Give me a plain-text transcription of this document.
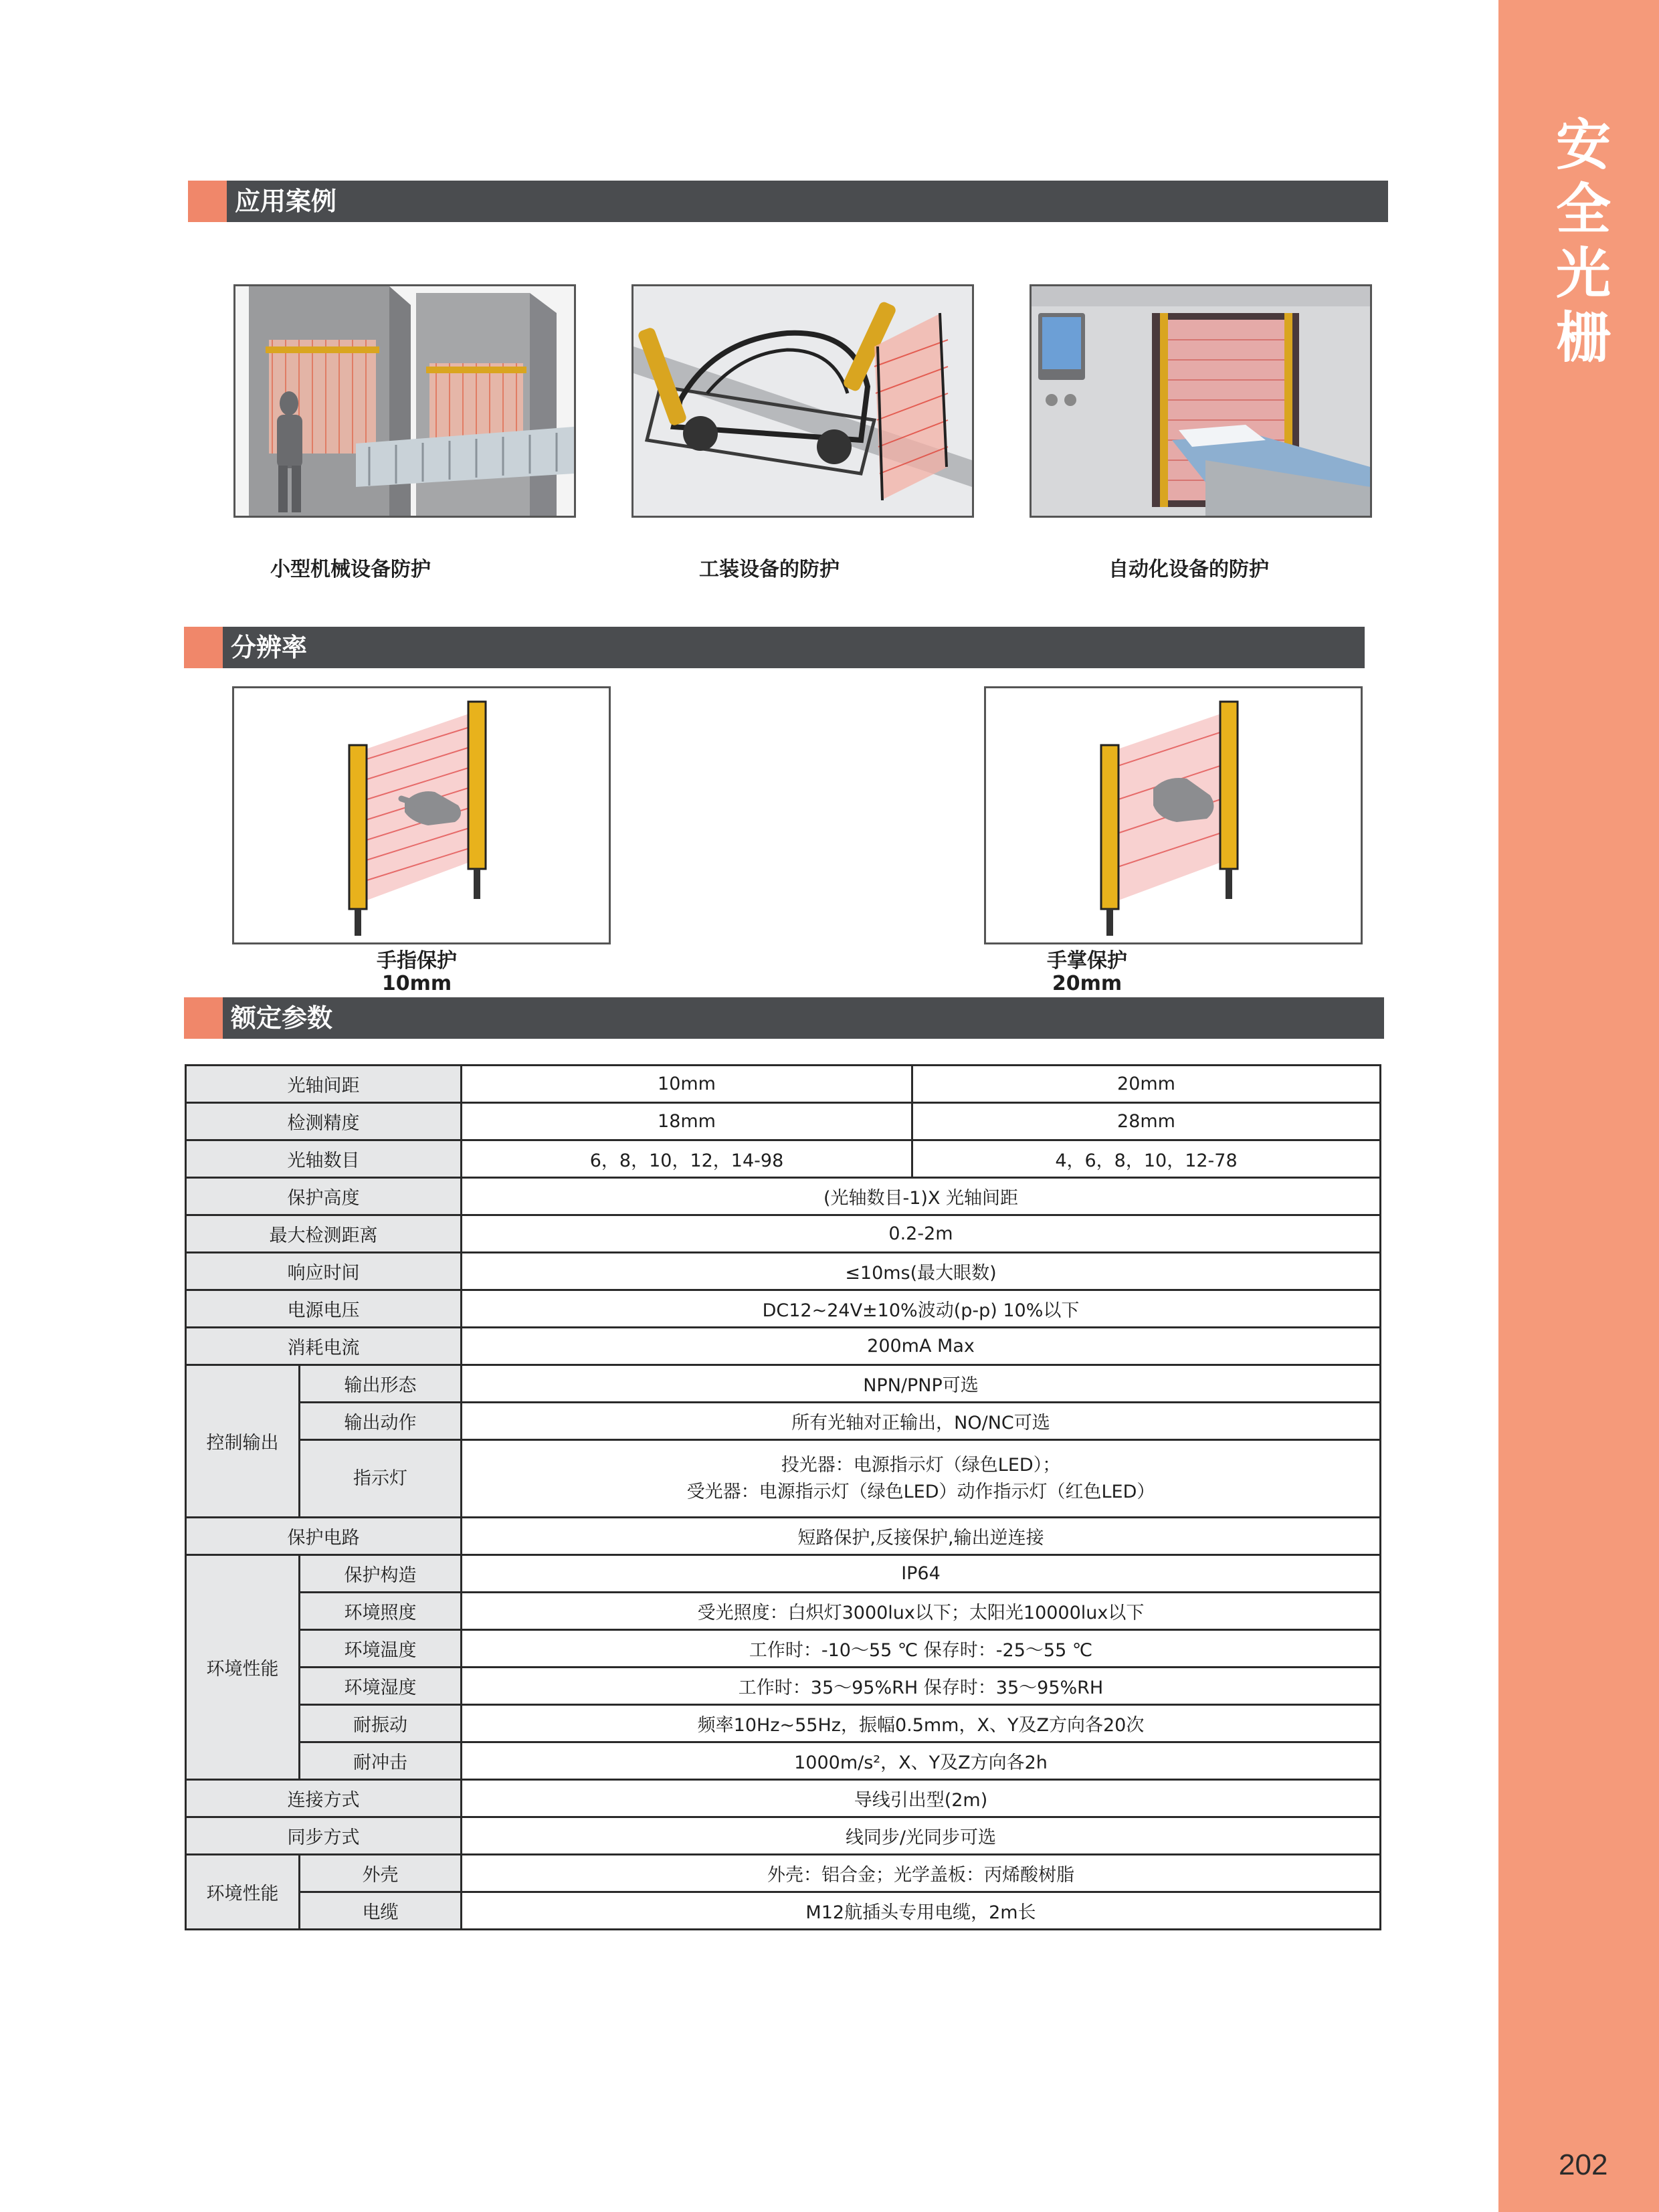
安全光栅
202
应用案例
小型机械设备防护	工装设备的防护	自动化设备的防护
分辨率
手指保护
10mm
手掌保护
20mm
额定参数
光轴间距		10mm	20mm
检测精度		18mm	28mm
光轴数目		6，8，10，12，14-98	4，6，8，10，12-78
保护高度		(光轴数目-1)X 光轴间距	
最大检测距离		0.2-2m	
响应时间		≤10ms(最大眼数)	
电源电压		DC12~24V±10%波动(p-p) 10%以下	
消耗电流		200mA Max	
控制输出	输出形态	NPN/PNP可选	
	输出动作	所有光轴对正输出，NO/NC可选	
	指示灯	投光器：电源指示灯（绿色LED）；
受光器：电源指示灯（绿色LED）动作指示灯（红色LED）	

保护电路		短路保护,反接保护,输出逆连接	
环境性能	保护构造	IP64	
	环境照度	受光照度：白炽灯3000lux以下；太阳光10000lux以下	
	环境温度	工作时：-10～55 ℃ 保存时：-25～55 ℃	
	环境湿度	工作时：35～95%RH 保存时：35～95%RH	
	耐振动	频率10Hz~55Hz，振幅0.5mm，X、Y及Z方向各20次	
	耐冲击	1000m/s²，X、Y及Z方向各2h	
连接方式		导线引出型(2m)	
同步方式		线同步/光同步可选	
环境性能	外壳	外壳：铝合金；光学盖板：丙烯酸树脂	
	电缆	M12航插头专用电缆，2m长	
